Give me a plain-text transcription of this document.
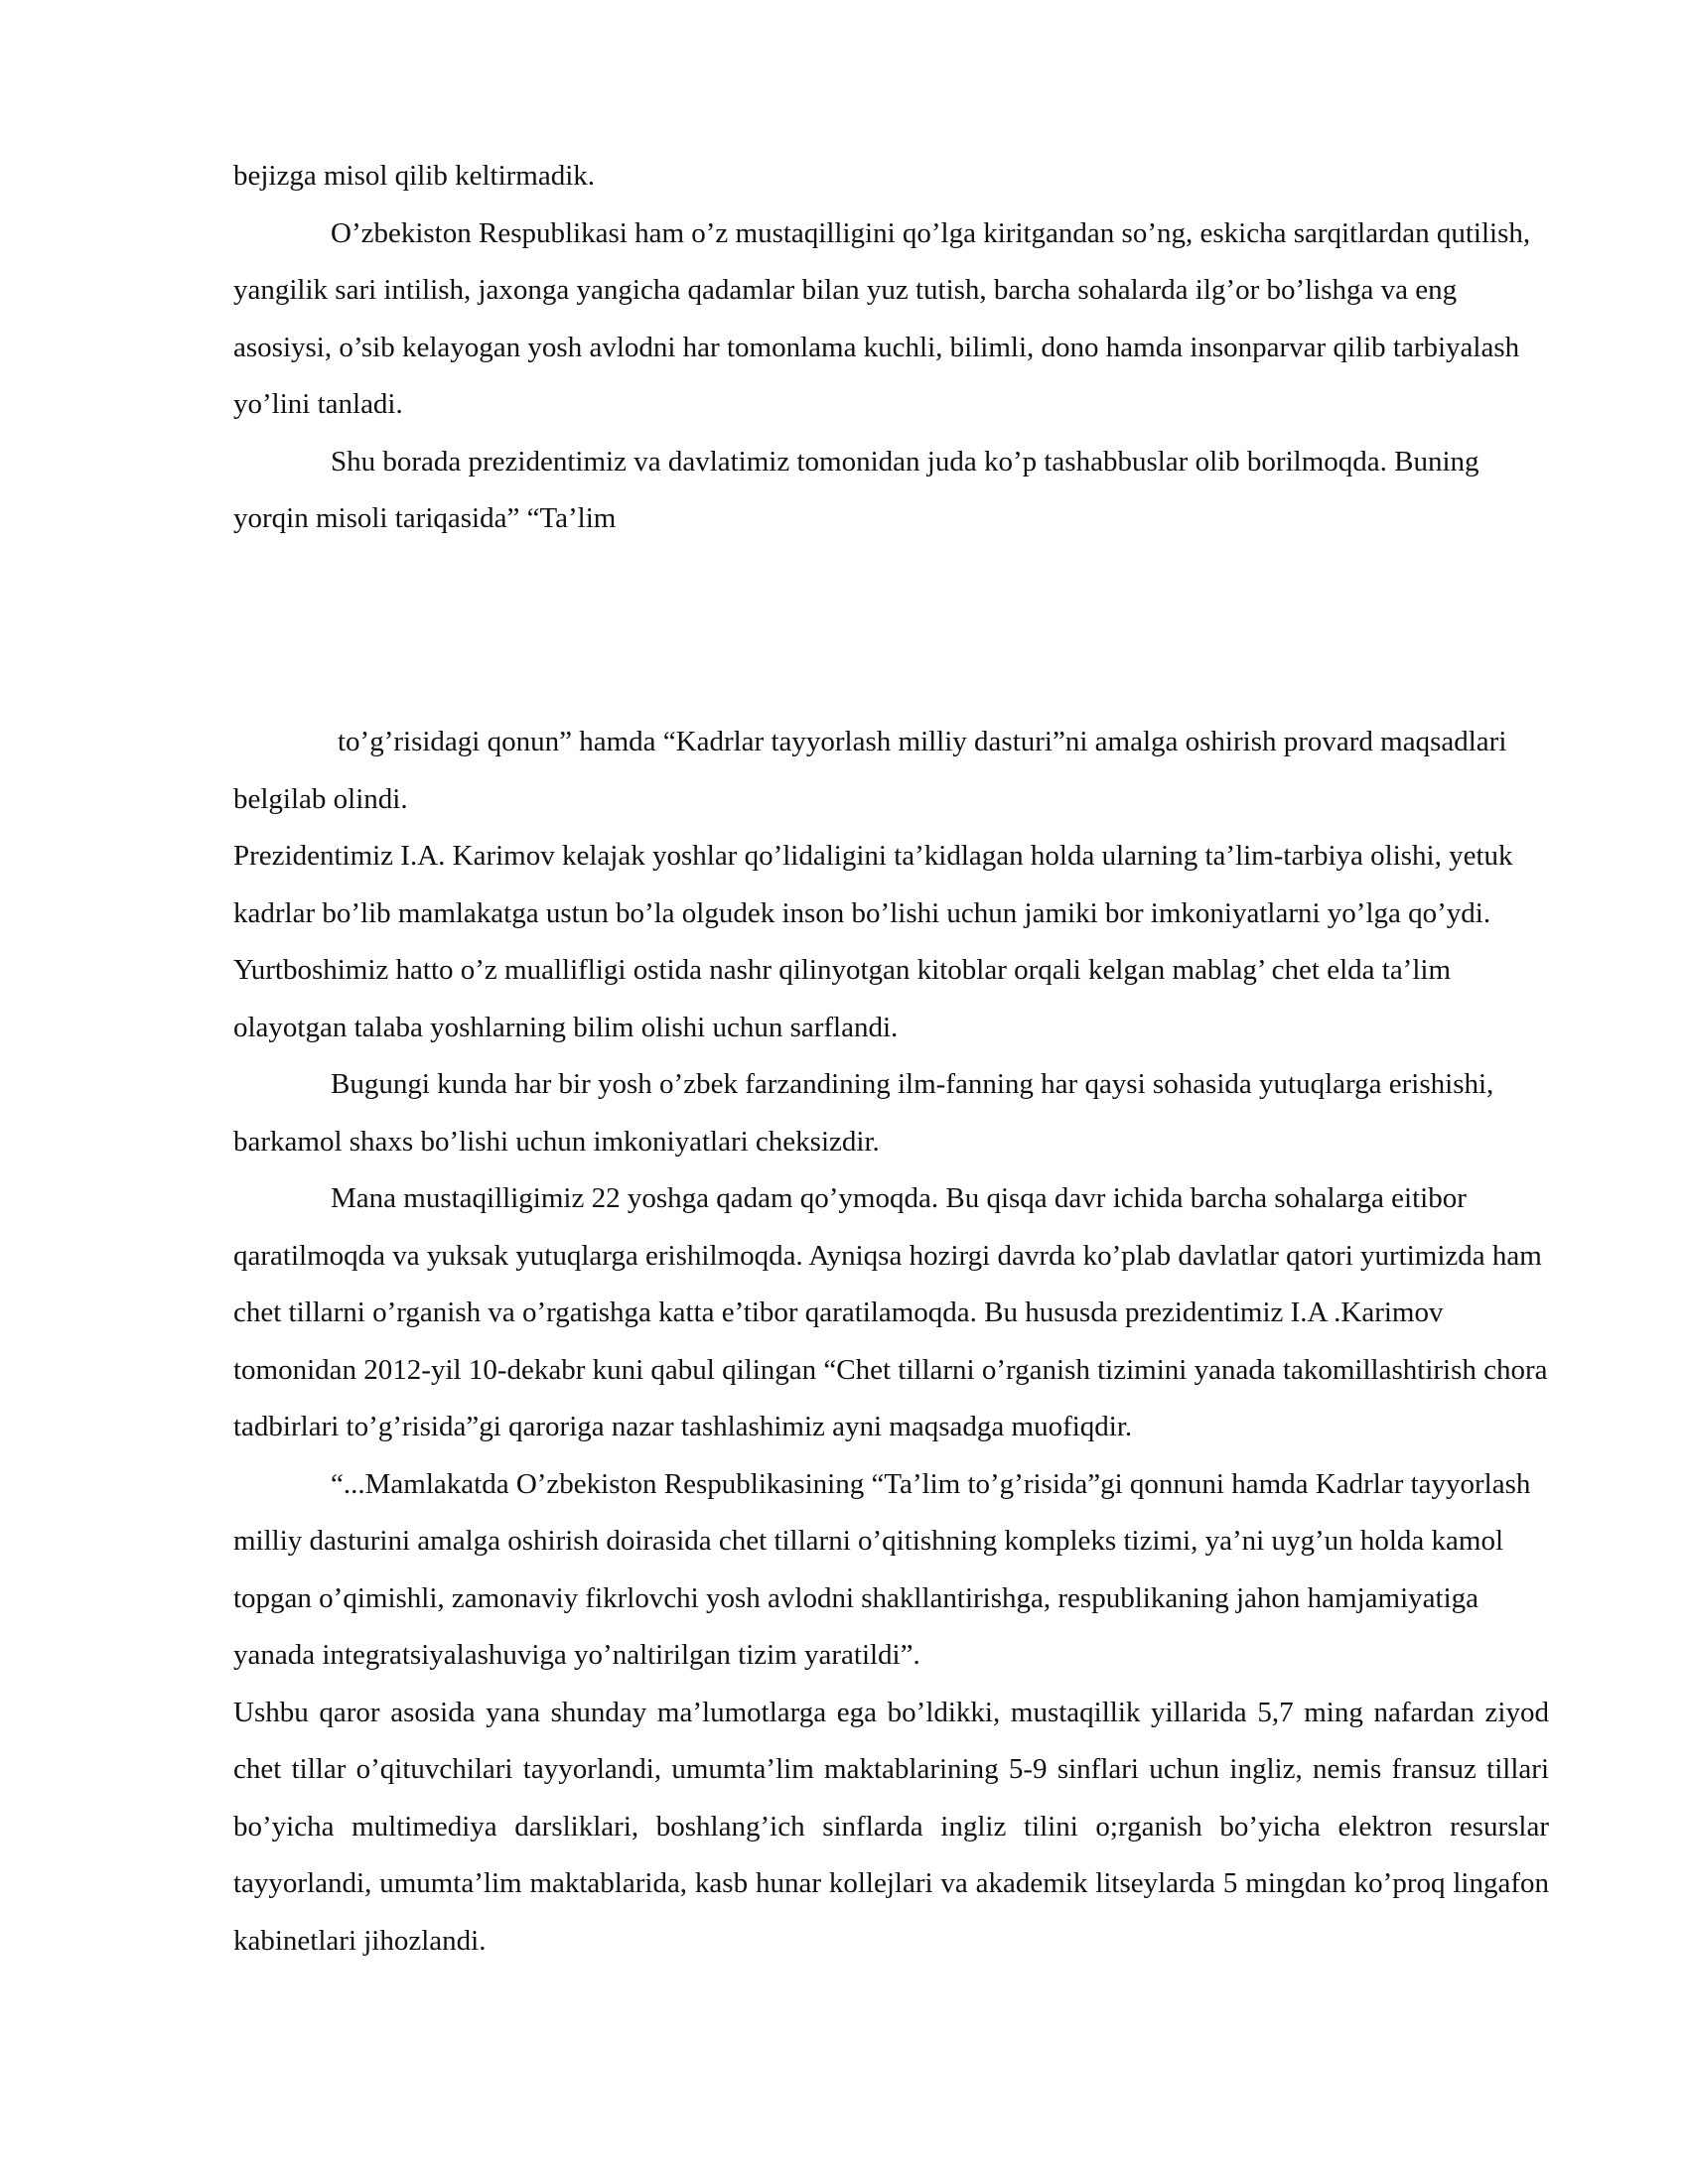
bejizga misol qilib keltirmadik.

O’zbekiston Respublikasi ham o’z mustaqilligini qo’lga kiritgandan so’ng, eskicha sarqitlardan qutilish, yangilik sari intilish, jaxonga yangicha qadamlar bilan yuz tutish, barcha sohalarda ilg’or bo’lishga va eng asosiysi, o’sib kelayogan yosh avlodni har tomonlama kuchli, bilimli, dono hamda insonparvar qilib tarbiyalash yo’lini tanladi.

Shu borada prezidentimiz va davlatimiz tomonidan juda ko’p tashabbuslar olib borilmoqda. Buning yorqin misoli tariqasida” “Ta’lim

to’g’risidagi qonun” hamda “Kadrlar tayyorlash milliy dasturi”ni amalga oshirish provard maqsadlari belgilab olindi.

Prezidentimiz I.A. Karimov kelajak yoshlar qo’lidaligini ta’kidlagan holda ularning ta’lim-tarbiya olishi, yetuk kadrlar bo’lib mamlakatga ustun bo’la olgudek inson bo’lishi uchun jamiki bor imkoniyatlarni yo’lga qo’ydi. Yurtboshimiz hatto o’z muallifligi ostida nashr qilinyotgan kitoblar orqali kelgan mablag’ chet elda ta’lim olayotgan talaba yoshlarning bilim olishi uchun sarflandi.

Bugungi kunda har bir yosh o’zbek farzandining ilm-fanning har qaysi sohasida yutuqlarga erishishi, barkamol shaxs bo’lishi uchun imkoniyatlari cheksizdir.

Mana mustaqilligimiz 22 yoshga qadam qo’ymoqda. Bu qisqa davr ichida barcha sohalarga eitibor qaratilmoqda va yuksak yutuqlarga erishilmoqda. Ayniqsa hozirgi davrda ko’plab davlatlar qatori yurtimizda ham chet tillarni o’rganish va o’rgatishga katta e’tibor qaratilamoqda. Bu hususda prezidentimiz I.A .Karimov tomonidan 2012-yil 10-dekabr kuni qabul qilingan “Chet tillarni o’rganish tizimini yanada takomillashtirish chora tadbirlari to’g’risida”gi qaroriga nazar tashlashimiz ayni maqsadga muofiqdir.

“...Mamlakatda O’zbekiston Respublikasining “Ta’lim to’g’risida”gi qonnuni hamda Kadrlar tayyorlash milliy dasturini amalga oshirish doirasida chet tillarni o’qitishning kompleks tizimi, ya’ni uyg’un holda kamol topgan o’qimishli, zamonaviy fikrlovchi yosh avlodni shakllantirishga, respublikaning jahon hamjamiyatiga yanada integratsiyalashuviga yo’naltirilgan tizim yaratildi”.

Ushbu qaror asosida yana shunday ma’lumotlarga ega bo’ldikki, mustaqillik yillarida 5,7 ming nafardan ziyod chet tillar o’qituvchilari tayyorlandi, umumta’lim maktablarining 5-9 sinflari uchun ingliz, nemis fransuz tillari bo’yicha multimediya darsliklari, boshlang’ich sinflarda ingliz tilini o;rganish bo’yicha elektron resurslar tayyorlandi, umumta’lim maktablarida, kasb hunar kollejlari va akademik litseylarda 5 mingdan ko’proq lingafon kabinetlari jihozlandi.
